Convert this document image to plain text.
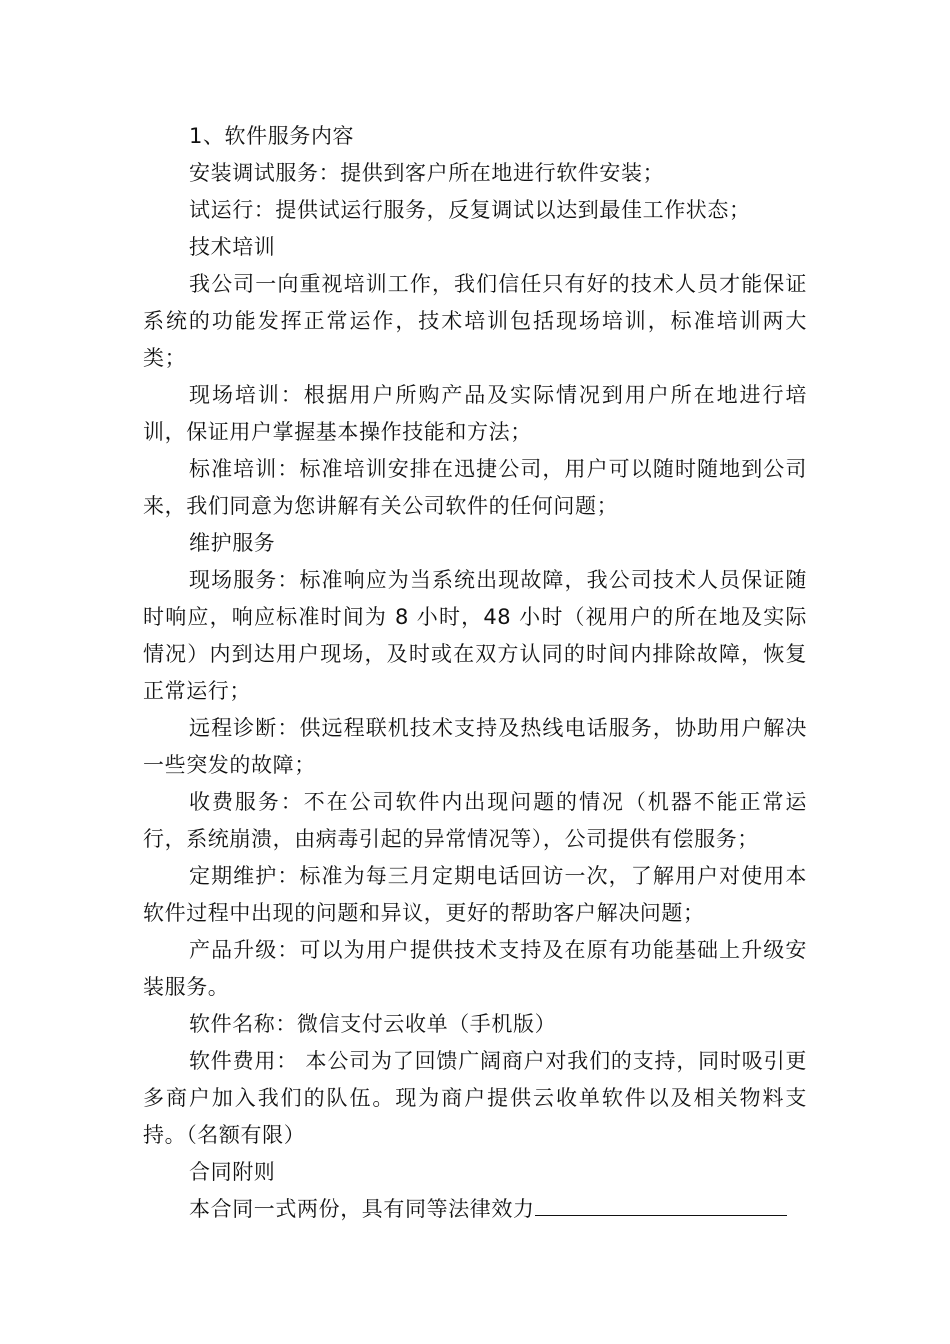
1、软件服务内容

安装调试服务：提供到客户所在地进行软件安装；

试运行：提供试运行服务，反复调试以达到最佳工作状态；

技术培训

我公司一向重视培训工作，我们信任只有好的技术人员才能保证系统的功能发挥正常运作，技术培训包括现场培训，标准培训两大类；

现场培训：根据用户所购产品及实际情况到用户所在地进行培训，保证用户掌握基本操作技能和方法；

标准培训：标准培训安排在迅捷公司，用户可以随时随地到公司来，我们同意为您讲解有关公司软件的任何问题；

维护服务

现场服务：标准响应为当系统出现故障，我公司技术人员保证随时响应，响应标准时间为 8 小时，48 小时（视用户的所在地及实际情况）内到达用户现场，及时或在双方认同的时间内排除故障，恢复正常运行；

远程诊断：供远程联机技术支持及热线电话服务，协助用户解决一些突发的故障；

收费服务：不在公司软件内出现问题的情况（机器不能正常运行，系统崩溃，由病毒引起的异常情况等），公司提供有偿服务；

定期维护：标准为每三月定期电话回访一次，了解用户对使用本软件过程中出现的问题和异议，更好的帮助客户解决问题；

产品升级：可以为用户提供技术支持及在原有功能基础上升级安装服务。

软件名称：微信支付云收单（手机版）

软件费用： 本公司为了回馈广阔商户对我们的支持，同时吸引更多商户加入我们的队伍。现为商户提供云收单软件以及相关物料支持。（名额有限）

合同附则

本合同一式两份，具有同等法律效力
